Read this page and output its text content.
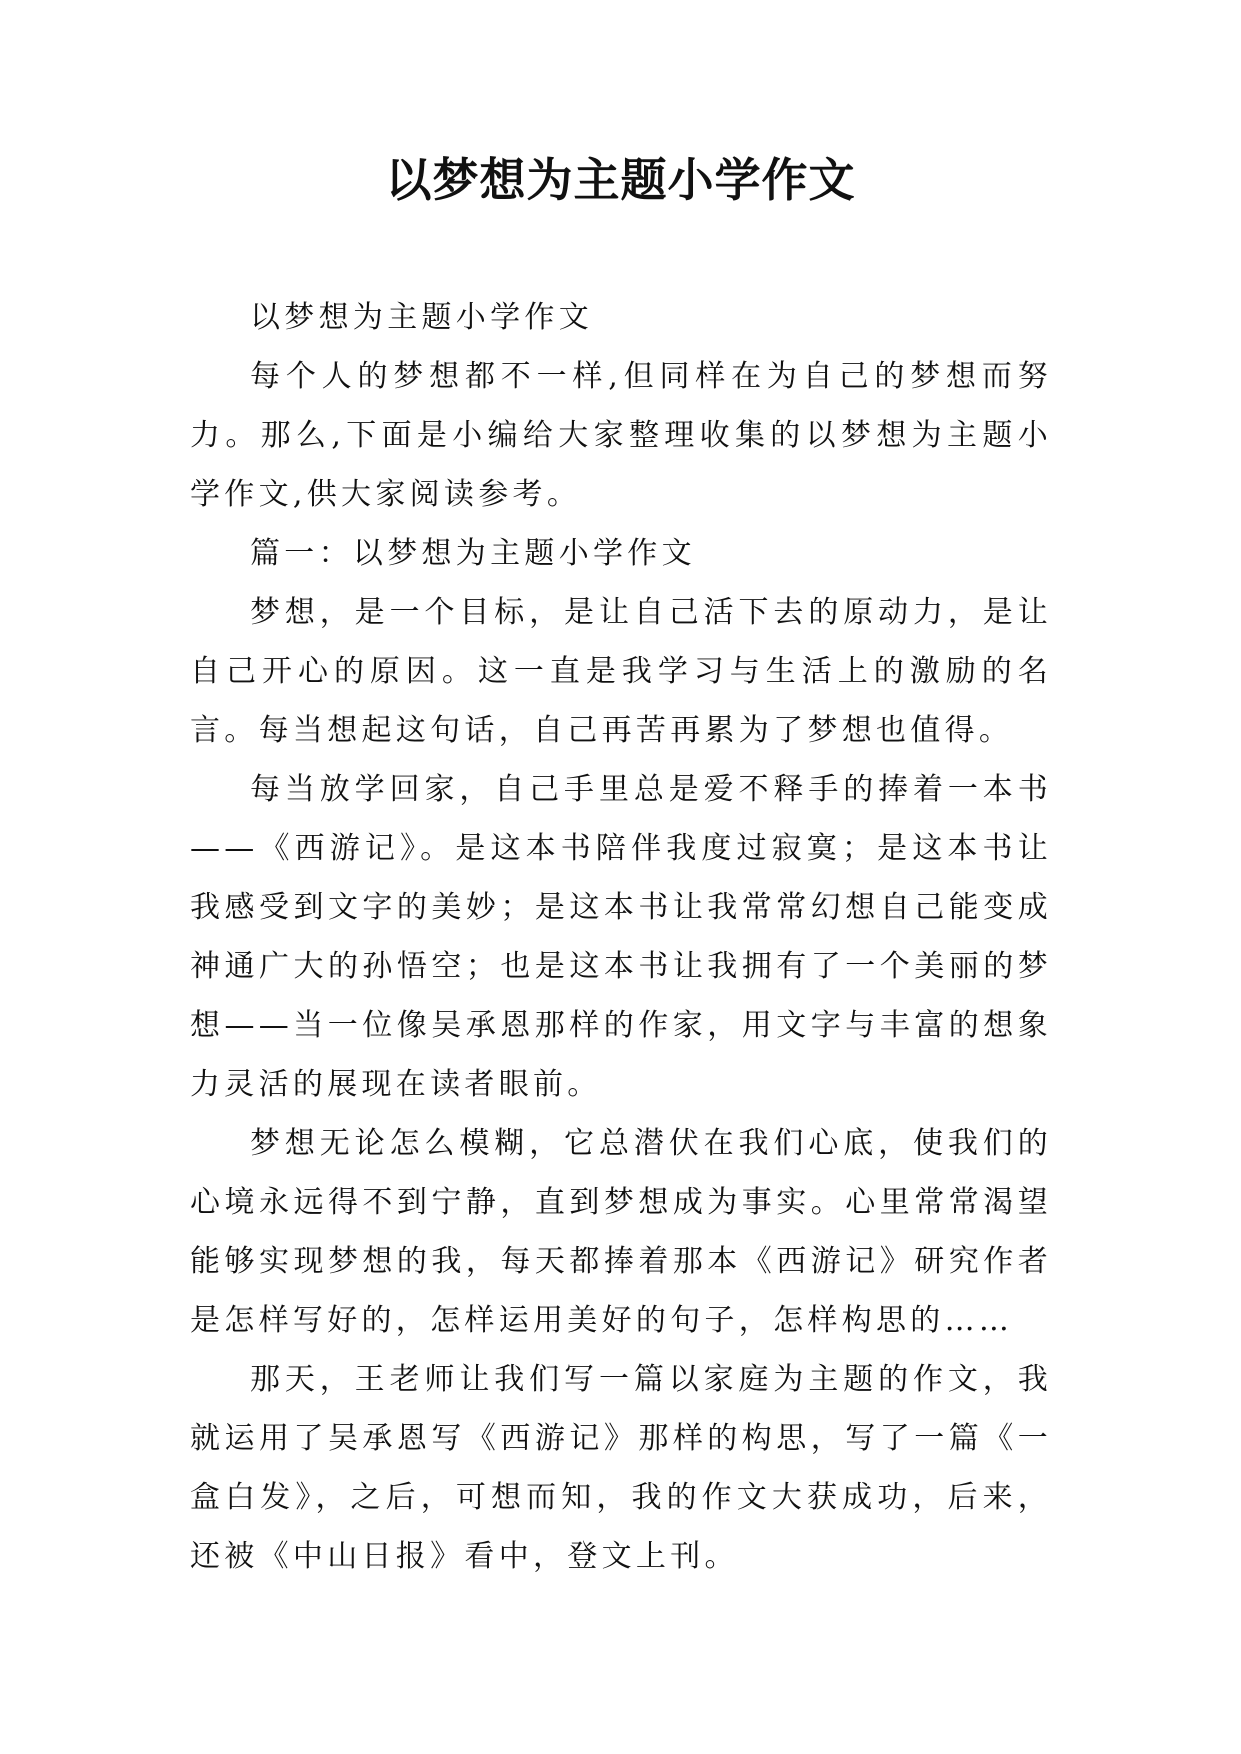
以梦想为主题小学作文

以梦想为主题小学作文

每个人的梦想都不一样,但同样在为自己的梦想而努力。那么,下面是小编给大家整理收集的以梦想为主题小学作文,供大家阅读参考。

篇一：以梦想为主题小学作文

梦想，是一个目标，是让自己活下去的原动力，是让自己开心的原因。这一直是我学习与生活上的激励的名言。每当想起这句话，自己再苦再累为了梦想也值得。

每当放学回家，自己手里总是爱不释手的捧着一本书——《西游记》。是这本书陪伴我度过寂寞；是这本书让我感受到文字的美妙；是这本书让我常常幻想自己能变成神通广大的孙悟空；也是这本书让我拥有了一个美丽的梦想——当一位像吴承恩那样的作家，用文字与丰富的想象力灵活的展现在读者眼前。

梦想无论怎么模糊，它总潜伏在我们心底，使我们的心境永远得不到宁静，直到梦想成为事实。心里常常渴望能够实现梦想的我，每天都捧着那本《西游记》研究作者是怎样写好的，怎样运用美好的句子，怎样构思的……

那天，王老师让我们写一篇以家庭为主题的作文，我就运用了吴承恩写《西游记》那样的构思，写了一篇《一盒白发》，之后，可想而知，我的作文大获成功，后来，还被《中山日报》看中，登文上刊。
